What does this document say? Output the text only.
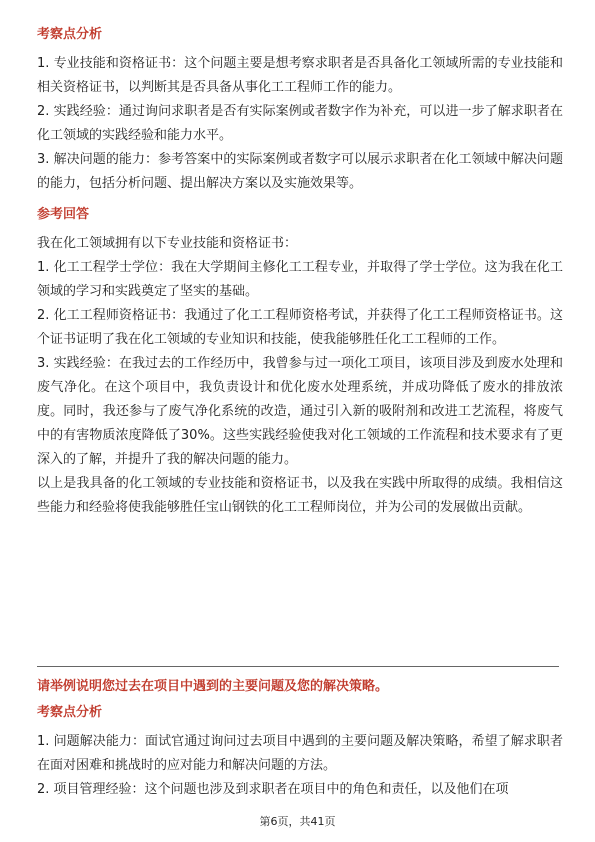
考察点分析

1. 专业技能和资格证书：这个问题主要是想考察求职者是否具备化工领域所需的专业技能和相关资格证书，以判断其是否具备从事化工工程师工作的能力。

2. 实践经验：通过询问求职者是否有实际案例或者数字作为补充，可以进一步了解求职者在化工领域的实践经验和能力水平。

3. 解决问题的能力：参考答案中的实际案例或者数字可以展示求职者在化工领域中解决问题的能力，包括分析问题、提出解决方案以及实施效果等。

参考回答

我在化工领域拥有以下专业技能和资格证书：

1. 化工工程学士学位：我在大学期间主修化工工程专业，并取得了学士学位。这为我在化工领域的学习和实践奠定了坚实的基础。

2. 化工工程师资格证书：我通过了化工工程师资格考试，并获得了化工工程师资格证书。这个证书证明了我在化工领域的专业知识和技能，使我能够胜任化工工程师的工作。

3. 实践经验：在我过去的工作经历中，我曾参与过一项化工项目，该项目涉及到废水处理和废气净化。在这个项目中，我负责设计和优化废水处理系统，并成功降低了废水的排放浓度。同时，我还参与了废气净化系统的改造，通过引入新的吸附剂和改进工艺流程，将废气中的有害物质浓度降低了30%。这些实践经验使我对化工领域的工作流程和技术要求有了更深入的了解，并提升了我的解决问题的能力。

以上是我具备的化工领域的专业技能和资格证书，以及我在实践中所取得的成绩。我相信这些能力和经验将使我能够胜任宝山钢铁的化工工程师岗位，并为公司的发展做出贡献。

请举例说明您过去在项目中遇到的主要问题及您的解决策略。
考察点分析

1. 问题解决能力：面试官通过询问过去项目中遇到的主要问题及解决策略，希望了解求职者在面对困难和挑战时的应对能力和解决问题的方法。

2. 项目管理经验：这个问题也涉及到求职者在项目中的角色和责任，以及他们在项

第6页，共41页
